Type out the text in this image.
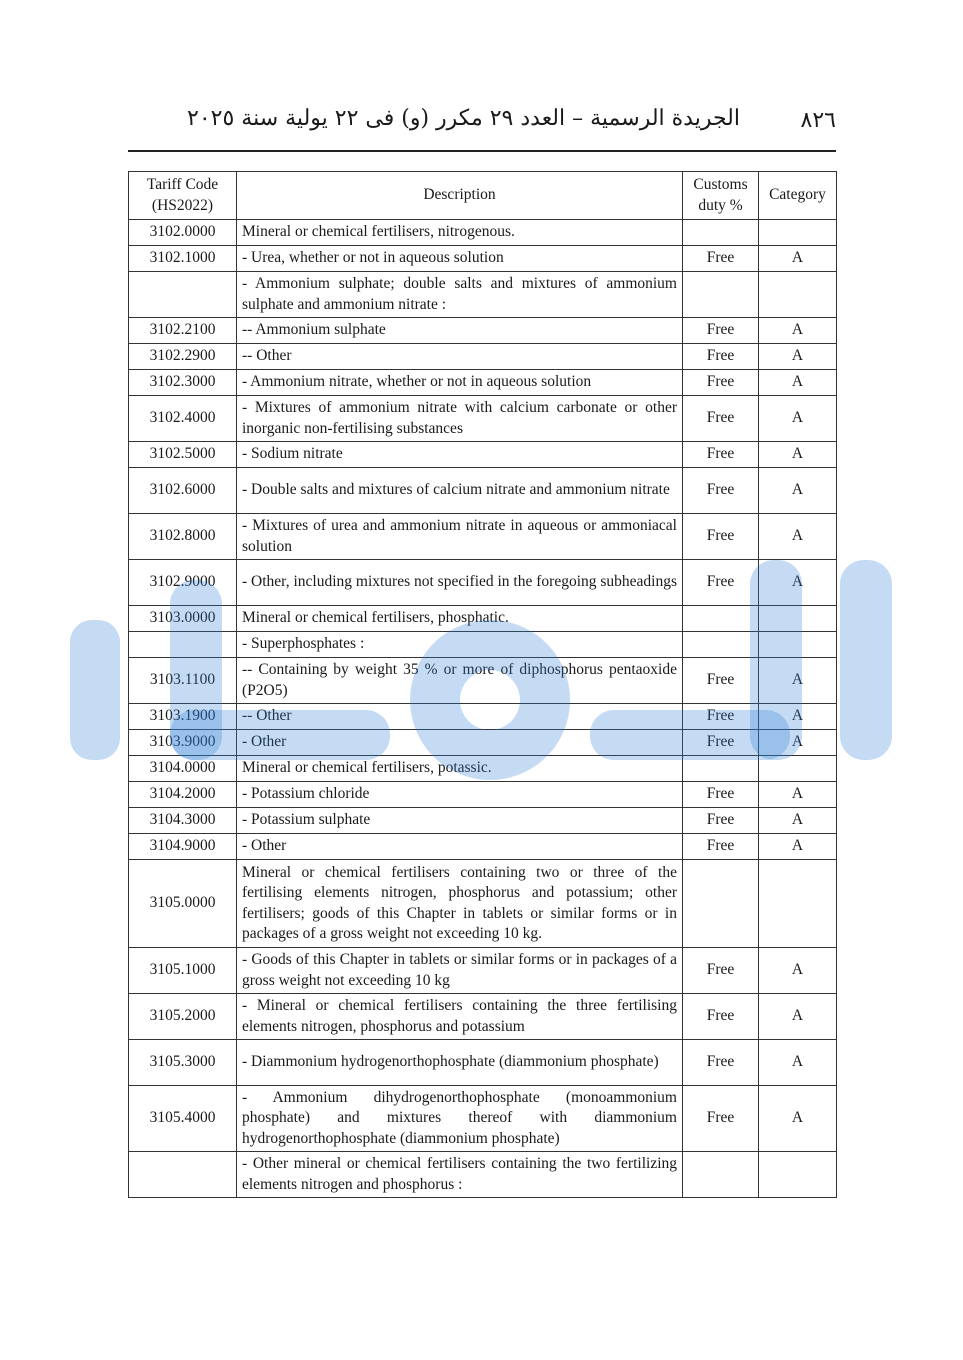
٨٢٦
الجريدة الرسمية – العدد ٢٩ مكرر (و) فى ٢٢ يولية سنة ٢٠٢٥
Tariff Code (HS2022)	Description	Customs duty %	Category
3102.0000	Mineral or chemical fertilisers, nitrogenous.		
3102.1000	- Urea, whether or not in aqueous solution	Free	A
	- Ammonium sulphate; double salts and mixtures of ammonium sulphate and ammonium nitrate :		
3102.2100	-- Ammonium sulphate	Free	A
3102.2900	-- Other	Free	A
3102.3000	- Ammonium nitrate, whether or not in aqueous solution	Free	A
3102.4000	- Mixtures of ammonium nitrate with calcium carbonate or other inorganic non-fertilising substances	Free	A
3102.5000	- Sodium nitrate	Free	A
3102.6000	- Double salts and mixtures of calcium nitrate and ammonium nitrate	Free	A
3102.8000	- Mixtures of urea and ammonium nitrate in aqueous or ammoniacal solution	Free	A
3102.9000	- Other, including mixtures not specified in the foregoing subheadings	Free	A
3103.0000	Mineral or chemical fertilisers, phosphatic.		
	- Superphosphates :		
3103.1100	-- Containing by weight 35 % or more of diphosphorus pentaoxide (P2O5)	Free	A
3103.1900	-- Other	Free	A
3103.9000	- Other	Free	A
3104.0000	Mineral or chemical fertilisers, potassic.		
3104.2000	- Potassium chloride	Free	A
3104.3000	- Potassium sulphate	Free	A
3104.9000	- Other	Free	A
3105.0000	Mineral or chemical fertilisers containing two or three of the fertilising elements nitrogen, phosphorus and potassium; other fertilisers; goods of this Chapter in tablets or similar forms or in packages of a gross weight not exceeding 10 kg.		
3105.1000	- Goods of this Chapter in tablets or similar forms or in packages of a gross weight not exceeding 10 kg	Free	A
3105.2000	- Mineral or chemical fertilisers containing the three fertilising elements nitrogen, phosphorus and potassium	Free	A
3105.3000	- Diammonium hydrogenorthophosphate (diammonium phosphate)	Free	A
3105.4000	- Ammonium dihydrogenorthophosphate (monoammonium phosphate) and mixtures thereof with diammonium hydrogenorthophosphate (diammonium phosphate)	Free	A
	- Other mineral or chemical fertilisers containing the two fertilizing elements nitrogen and phosphorus :		
